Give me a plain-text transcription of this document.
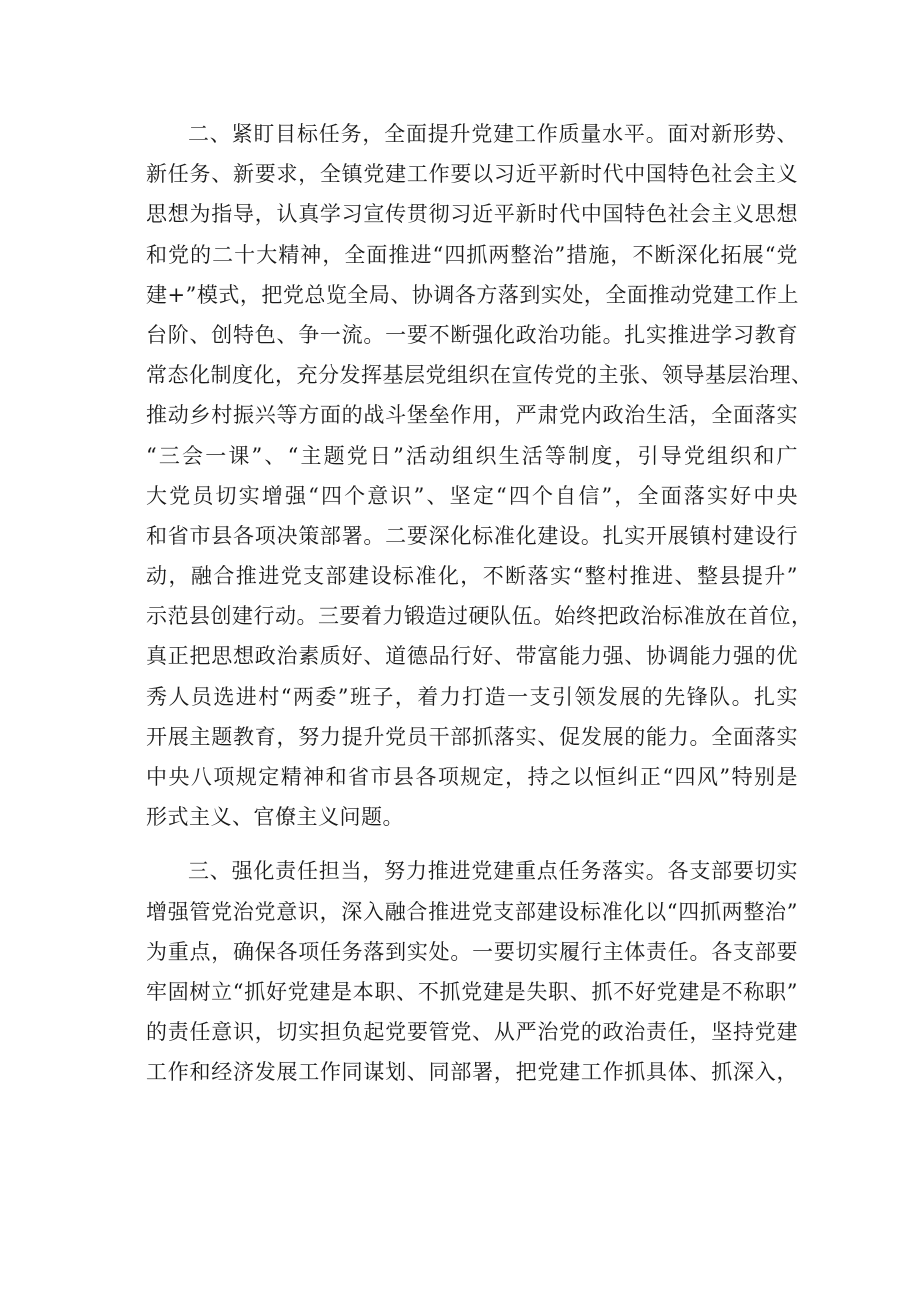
二、紧盯目标任务，全面提升党建工作质量水平。面对新形势、
新任务、新要求，全镇党建工作要以习近平新时代中国特色社会主义
思想为指导，认真学习宣传贯彻习近平新时代中国特色社会主义思想
和党的二十大精神，全面推进“四抓两整治”措施，不断深化拓展“党
建+”模式，把党总览全局、协调各方落到实处，全面推动党建工作上
台阶、创特色、争一流。一要不断强化政治功能。扎实推进学习教育
常态化制度化，充分发挥基层党组织在宣传党的主张、领导基层治理、
推动乡村振兴等方面的战斗堡垒作用，严肃党内政治生活，全面落实
“三会一课”、“主题党日”活动组织生活等制度，引导党组织和广
大党员切实增强“四个意识”、坚定“四个自信”，全面落实好中央
和省市县各项决策部署。二要深化标准化建设。扎实开展镇村建设行
动，融合推进党支部建设标准化，不断落实“整村推进、整县提升”
示范县创建行动。三要着力锻造过硬队伍。始终把政治标准放在首位，
真正把思想政治素质好、道德品行好、带富能力强、协调能力强的优
秀人员选进村“两委”班子，着力打造一支引领发展的先锋队。扎实
开展主题教育，努力提升党员干部抓落实、促发展的能力。全面落实
中央八项规定精神和省市县各项规定，持之以恒纠正“四风”特别是
形式主义、官僚主义问题。
三、强化责任担当，努力推进党建重点任务落实。各支部要切实
增强管党治党意识，深入融合推进党支部建设标准化以“四抓两整治”
为重点，确保各项任务落到实处。一要切实履行主体责任。各支部要
牢固树立“抓好党建是本职、不抓党建是失职、抓不好党建是不称职”
的责任意识，切实担负起党要管党、从严治党的政治责任，坚持党建
工作和经济发展工作同谋划、同部署，把党建工作抓具体、抓深入，
